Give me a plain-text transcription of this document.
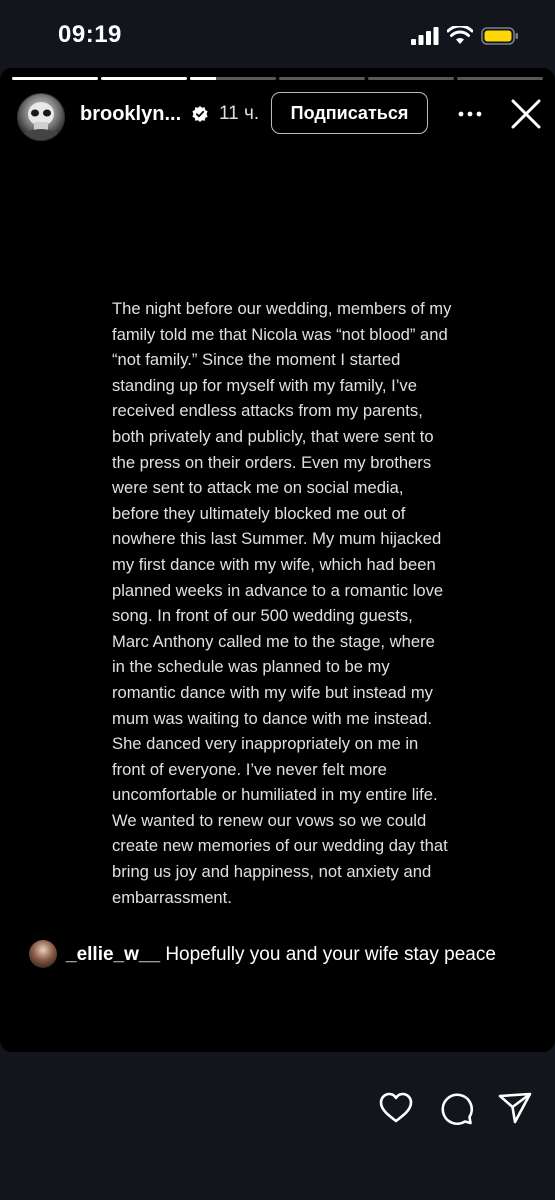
09:19
brooklyn... 11 ч.	Подписаться
The night before our wedding, members of my family told me that Nicola was “not blood” and “not family.” Since the moment I started standing up for myself with my family, I’ve received endless attacks from my parents, both privately and publicly, that were sent to the press on their orders. Even my brothers were sent to attack me on social media, before they ultimately blocked me out of nowhere this last Summer. My mum hijacked my first dance with my wife, which had been planned weeks in advance to a romantic love song. In front of our 500 wedding guests, Marc Anthony called me to the stage, where in the schedule was planned to be my romantic dance with my wife but instead my mum was waiting to dance with me instead. She danced very inappropriately on me in front of everyone. I’ve never felt more uncomfortable or humiliated in my entire life. We wanted to renew our vows so we could create new memories of our wedding day that bring us joy and happiness, not anxiety and embarrassment.
_ellie_w__ Hopefully you and your wife stay peace
